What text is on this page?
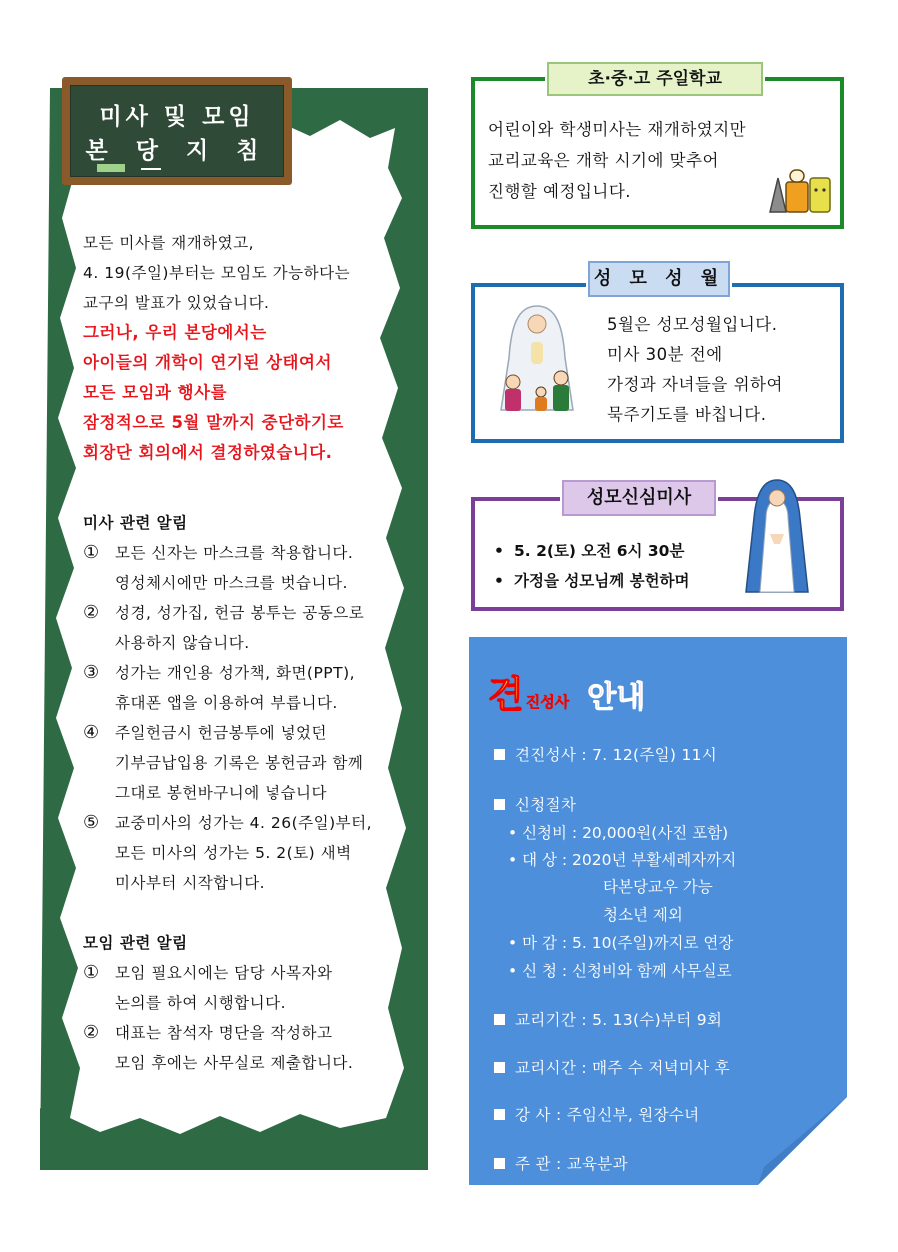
미사 및 모임
본 당 지 침
모든 미사를 재개하였고,
4. 19(주일)부터는 모임도 가능하다는
교구의 발표가 있었습니다.
그러나, 우리 본당에서는
아이들의 개학이 연기된 상태여서
모든 모임과 행사를
잠정적으로 5월 말까지 중단하기로
회장단 회의에서 결정하였습니다.
미사 관련 알림
① 모든 신자는 마스크를 착용합니다.
영성체시에만 마스크를 벗습니다.
② 성경, 성가집, 헌금 봉투는 공동으로
사용하지 않습니다.
③ 성가는 개인용 성가책, 화면(PPT),
휴대폰 앱을 이용하여 부릅니다.
④ 주일헌금시 헌금봉투에 넣었던
기부금납입용 기록은 봉헌금과 함께
그대로 봉헌바구니에 넣습니다
⑤ 교중미사의 성가는 4. 26(주일)부터,
모든 미사의 성가는 5. 2(토) 새벽
미사부터 시작합니다.
모임 관련 알림
① 모임 필요시에는 담당 사목자와
논의를 하여 시행합니다.
② 대표는 참석자 명단을 작성하고
모임 후에는 사무실로 제출합니다.
초·중·고 주일학교
어린이와 학생미사는 재개하였지만
교리교육은 개학 시기에 맞추어
진행할 예정입니다.
성 모 성 월
5월은 성모성월입니다.
미사 30분 전에
가정과 자녀들을 위하여
묵주기도를 바칩니다.
성모신심미사
• 5. 2(토) 오전 6시 30분
• 가정을 성모님께 봉헌하며
견진성사 안내
견진성사 : 7. 12(주일) 11시
신청절차
• 신청비 : 20,000원(사진 포함)
• 대 상 : 2020년 부활세례자까지
타본당교우 가능
청소년 제외
• 마 감 : 5. 10(주일)까지로 연장
• 신 청 : 신청비와 함께 사무실로
교리기간 : 5. 13(수)부터 9회
교리시간 : 매주 수 저녁미사 후
강 사 : 주임신부, 원장수녀
주 관 : 교육분과
